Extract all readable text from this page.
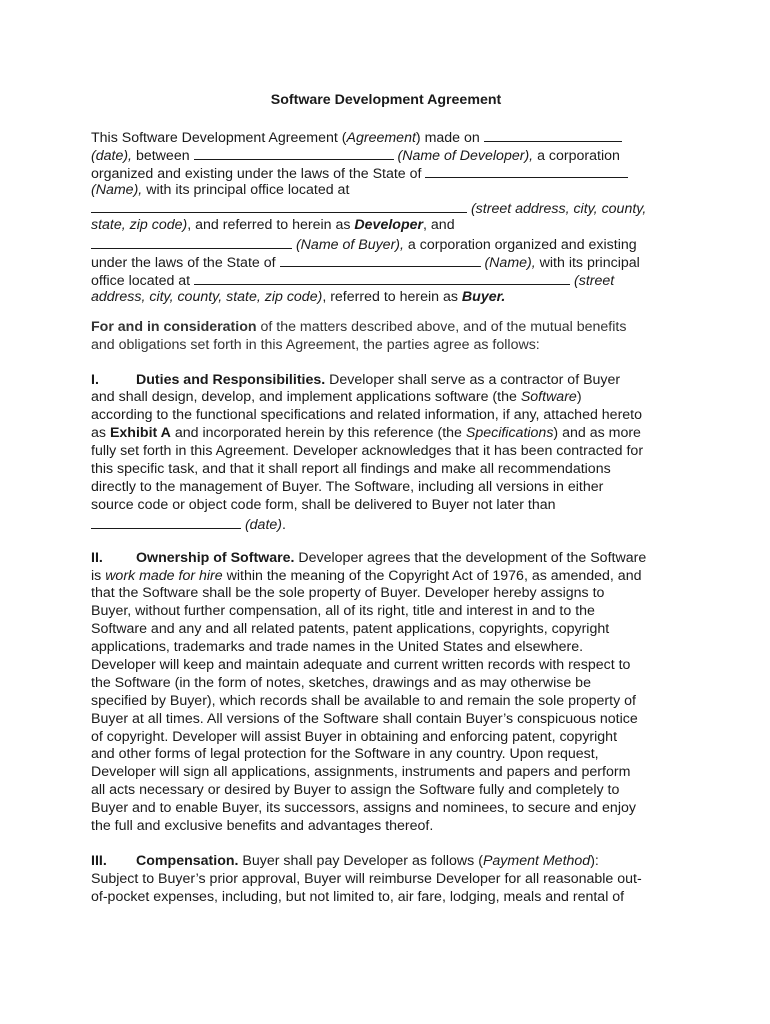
Software Development Agreement
This Software Development Agreement (Agreement) made on
(date), between	(Name of Developer), a corporation
organized and existing under the laws of the State of
(Name), with its principal office located at
(street address, city, county,
state, zip code), and referred to herein as Developer, and
(Name of Buyer), a corporation organized and existing
under the laws of the State of	(Name), with its principal
office located at	(street
address, city, county, state, zip code), referred to herein as Buyer.
For and in consideration of the matters described above, and of the mutual benefits
and obligations set forth in this Agreement, the parties agree as follows:
I.	Duties and Responsibilities. Developer shall serve as a contractor of Buyer
and shall design, develop, and implement applications software (the Software)
according to the functional specifications and related information, if any, attached hereto
as Exhibit A and incorporated herein by this reference (the Specifications) and as more
fully set forth in this Agreement. Developer acknowledges that it has been contracted for
this specific task, and that it shall report all findings and make all recommendations
directly to the management of Buyer. The Software, including all versions in either
source code or object code form, shall be delivered to Buyer not later than
(date).
II. Ownership of Software. Developer agrees that the development of the Software
is work made for hire within the meaning of the Copyright Act of 1976, as amended, and
that the Software shall be the sole property of Buyer. Developer hereby assigns to
Buyer, without further compensation, all of its right, title and interest in and to the
Software and any and all related patents, patent applications, copyrights, copyright
applications, trademarks and trade names in the United States and elsewhere.
Developer will keep and maintain adequate and current written records with respect to
the Software (in the form of notes, sketches, drawings and as may otherwise be
specified by Buyer), which records shall be available to and remain the sole property of
Buyer at all times. All versions of the Software shall contain Buyer’s conspicuous notice
of copyright. Developer will assist Buyer in obtaining and enforcing patent, copyright
and other forms of legal protection for the Software in any country. Upon request,
Developer will sign all applications, assignments, instruments and papers and perform
all acts necessary or desired by Buyer to assign the Software fully and completely to
Buyer and to enable Buyer, its successors, assigns and nominees, to secure and enjoy
the full and exclusive benefits and advantages thereof.
III. Compensation. Buyer shall pay Developer as follows (Payment Method):
Subject to Buyer’s prior approval, Buyer will reimburse Developer for all reasonable out-
of-pocket expenses, including, but not limited to, air fare, lodging, meals and rental of
